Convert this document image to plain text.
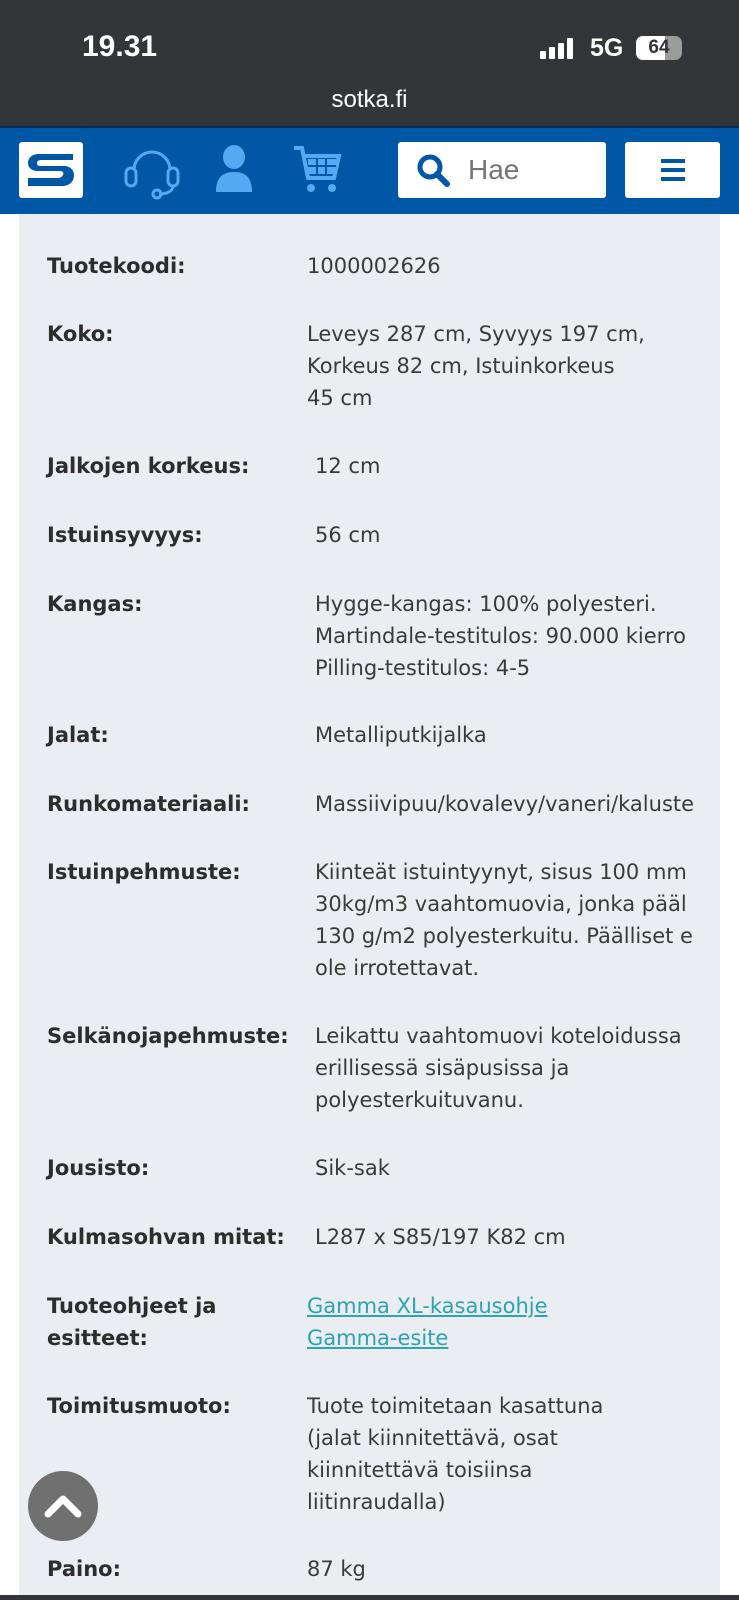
19.31	5G	64
sotka.fi
Hae
Tuotekoodi:	1000002626
Koko:	Leveys 287 cm, Syvyys 197 cm,
Korkeus 82 cm, Istuinkorkeus
45 cm
Jalkojen korkeus:	12 cm
Istuinsyvyys:	56 cm
Kangas:	Hygge-kangas: 100% polyesteri.
Martindale-testitulos: 90.000 kierro
Pilling-testitulos: 4-5
Jalat:	Metalliputkijalka
Runkomateriaali:	Massiivipuu/kovalevy/vaneri/kaluste
Istuinpehmuste:	Kiinteät istuintyynyt, sisus 100 mm
30kg/m3 vaahtomuovia, jonka pääl
130 g/m2 polyesterkuitu. Päälliset e
ole irrotettavat.
Selkänojapehmuste:	Leikattu vaahtomuovi koteloidussa
erillisessä sisäpusissa ja
polyesterkuituvanu.
Jousisto:	Sik-sak
Kulmasohvan mitat:	L287 x S85/197 K82 cm
Tuoteohjeet ja esitteet:
Gamma XL-kasausohje
Gamma-esite
Toimitusmuoto:	Tuote toimitetaan kasattuna
(jalat kiinnitettävä, osat
kiinnitettävä toisiinsa
liitinraudalla)
Paino:	87 kg
